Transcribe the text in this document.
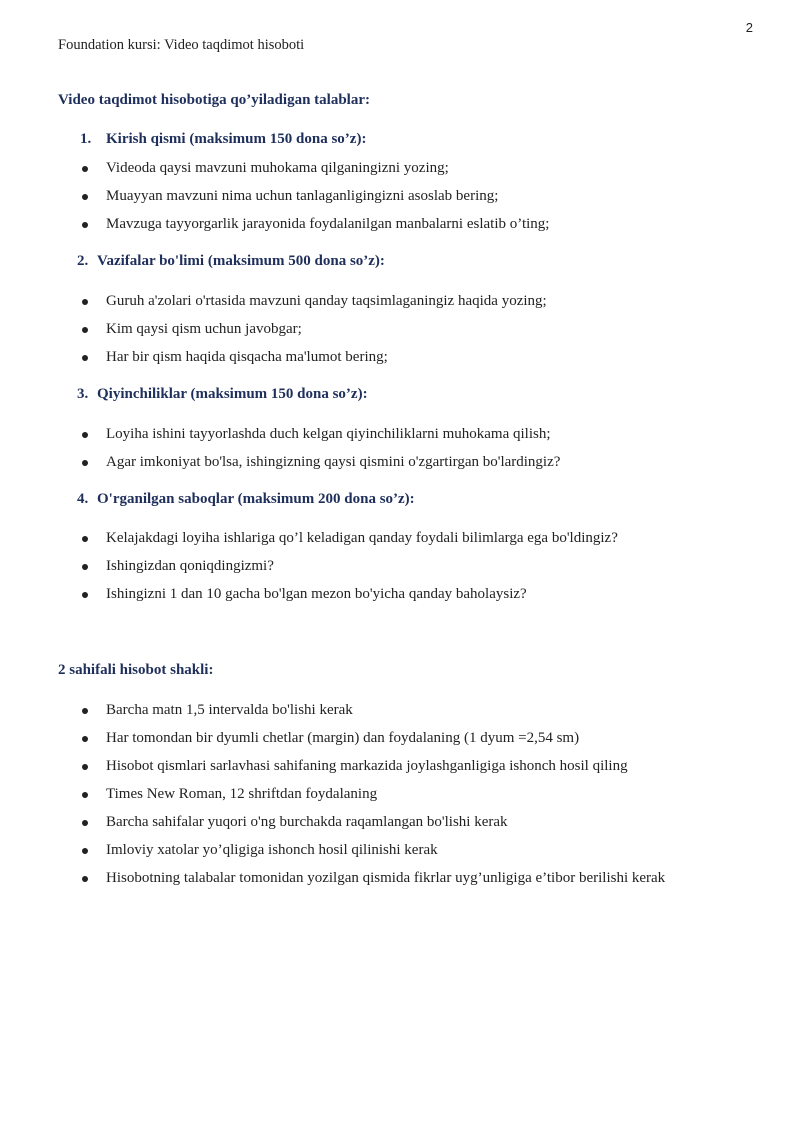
2
Foundation kursi: Video taqdimot hisoboti
Video taqdimot hisobotiga qo’yiladigan talablar:
1. Kirish qismi (maksimum 150 dona so’z):
Videoda qaysi mavzuni muhokama qilganingizni yozing;
Muayyan mavzuni nima uchun tanlaganligingizni asoslab bering;
Mavzuga tayyorgarlik jarayonida foydalanilgan manbalarni eslatib o’ting;
2. Vazifalar bo'limi (maksimum 500 dona so’z):
Guruh a'zolari o'rtasida mavzuni qanday taqsimlaganingiz haqida yozing;
Kim qaysi qism uchun javobgar;
Har bir qism haqida qisqacha ma'lumot bering;
3. Qiyinchiliklar (maksimum 150 dona so’z):
Loyiha ishini tayyorlashda duch kelgan qiyinchiliklarni muhokama qilish;
Agar imkoniyat bo'lsa, ishingizning qaysi qismini o'zgartirgan bo'lardingiz?
4. O'rganilgan saboqlar (maksimum 200 dona so’z):
Kelajakdagi loyiha ishlariga qo’l keladigan qanday foydali bilimlarga ega bo'ldingiz?
Ishingizdan qoniqdingizmi?
Ishingizni 1 dan 10 gacha bo'lgan mezon bo'yicha qanday baholaysiz?
2 sahifali hisobot shakli:
Barcha matn 1,5 intervalda bo'lishi kerak
Har tomondan bir dyumli chetlar (margin) dan foydalaning (1 dyum =2,54 sm)
Hisobot qismlari sarlavhasi sahifaning markazida joylashganligiga ishonch hosil qiling
Times New Roman, 12 shriftdan foydalaning
Barcha sahifalar yuqori o'ng burchakda raqamlangan bo'lishi kerak
Imloviy xatolar yo’qligiga ishonch hosil qilinishi kerak
Hisobotning talabalar tomonidan yozilgan qismida fikrlar uyg’unligiga e’tibor berilishi kerak
